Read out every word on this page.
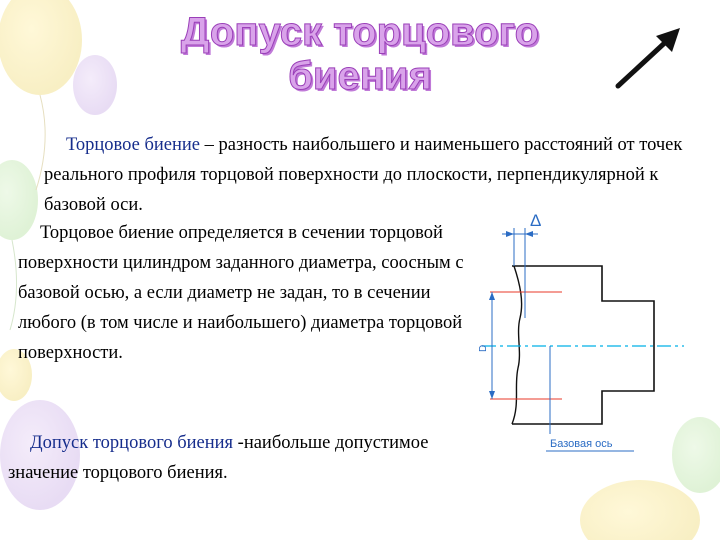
Допуск торцового
биения

Торцовое биение – разность наибольшего и наименьшего расстояний от точек реального профиля торцовой поверхности до плоскости, перпендикулярной к базовой оси.

Торцовое биение определяется в сечении торцовой поверхности цилиндром заданного диаметра, соосным с базовой осью, а если диаметр не задан, то в сечении любого (в том числе и наибольшего) диаметра торцовой поверхности.

Допуск торцового биения -наибольше допустимое значение торцового биения.

D
Δ
Базовая ось
